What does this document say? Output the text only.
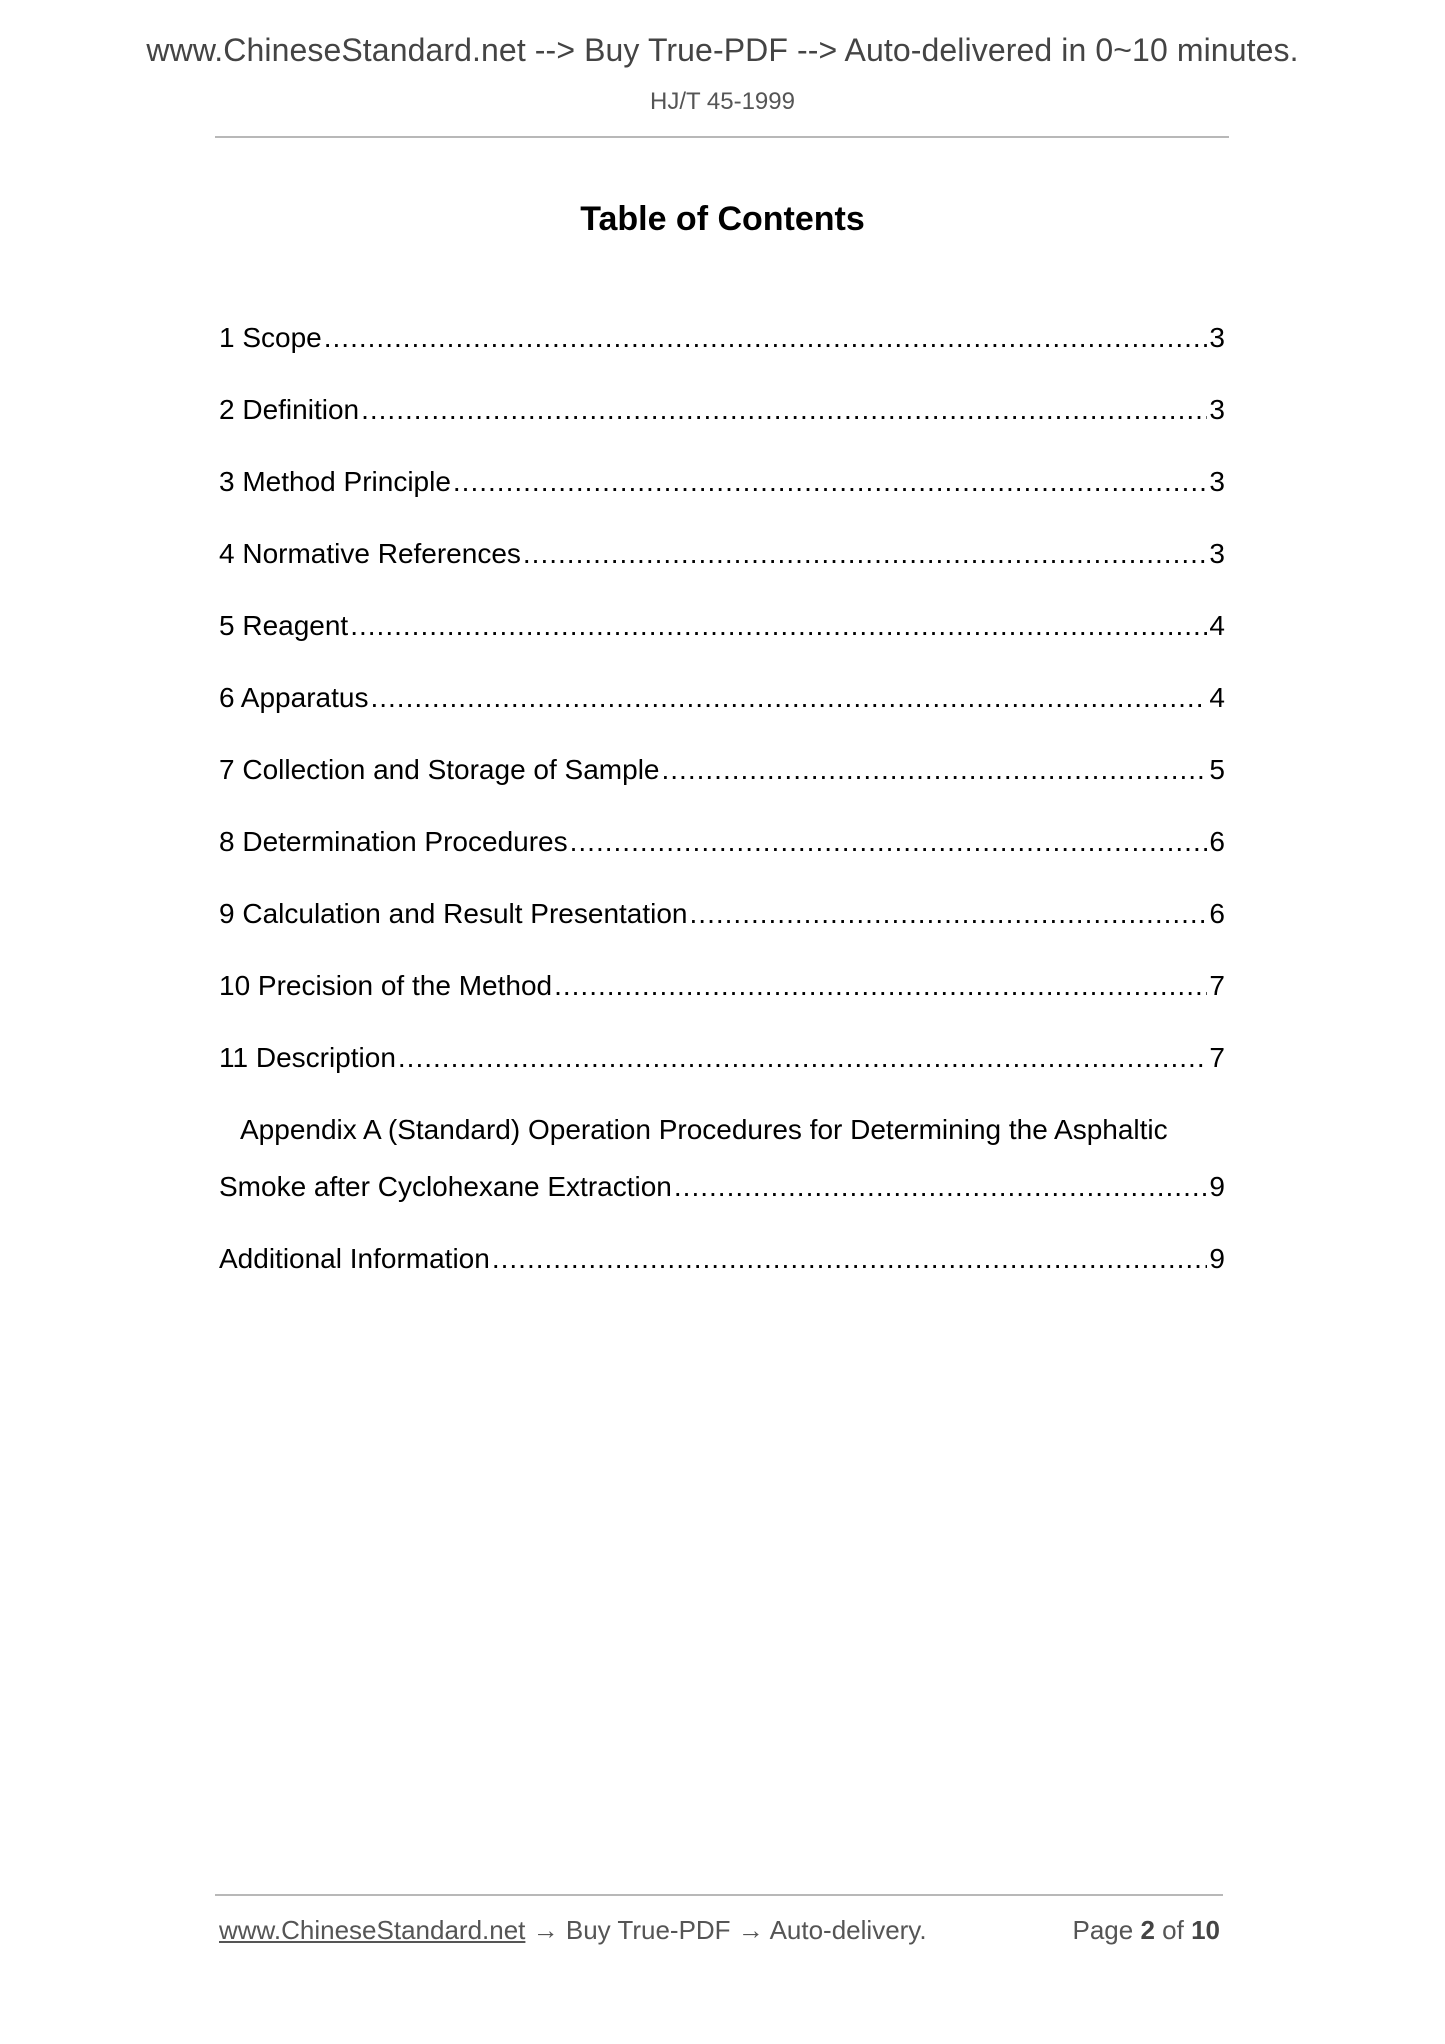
www.ChineseStandard.net --> Buy True-PDF --> Auto-delivered in 0~10 minutes.
HJ/T 45-1999
Table of Contents
1 Scope .....	3
2 Definition .....	3
3 Method Principle .....	3
4 Normative References .....	3
5 Reagent .....	4
6 Apparatus .....	4
7 Collection and Storage of Sample .....	5
8 Determination Procedures .....	6
9 Calculation and Result Presentation .....	6
10 Precision of the Method .....	7
11 Description .....	7
Appendix A (Standard) Operation Procedures for Determining the Asphaltic
Smoke after Cyclohexane Extraction .....	9
Additional Information .....	9
www.ChineseStandard.net → Buy True-PDF → Auto-delivery.	Page 2 of 10
